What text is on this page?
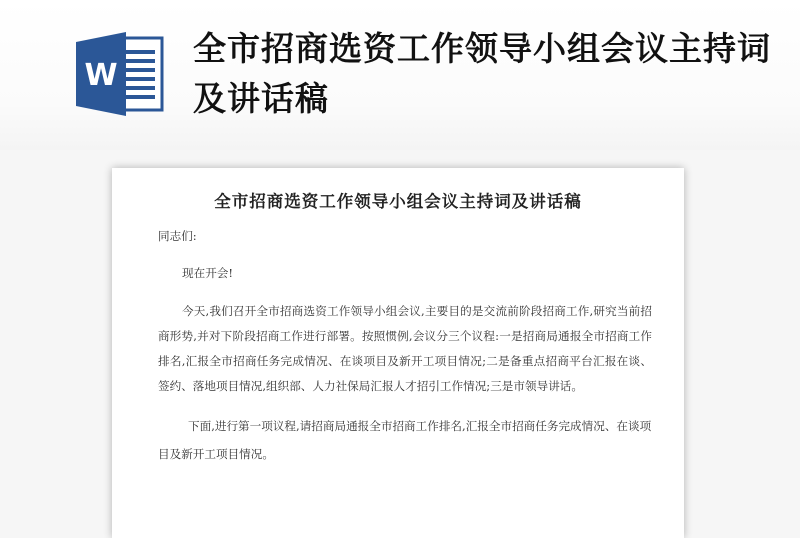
W
全市招商选资工作领导小组会议主持词及讲话稿
全市招商选资工作领导小组会议主持词及讲话稿

同志们:

现在开会!

今天,我们召开全市招商选资工作领导小组会议,主要目的是交流前阶段招商工作,研究当前招商形势,并对下阶段招商工作进行部署。按照惯例,会议分三个议程:一是招商局通报全市招商工作排名,汇报全市招商任务完成情况、在谈项目及新开工项目情况;二是备重点招商平台汇报在谈、签约、落地项目情况,组织部、人力社保局汇报人才招引工作情况;三是市领导讲话。

下面,进行第一项议程,请招商局通报全市招商工作排名,汇报全市招商任务完成情况、在谈项目及新开工项目情况。
